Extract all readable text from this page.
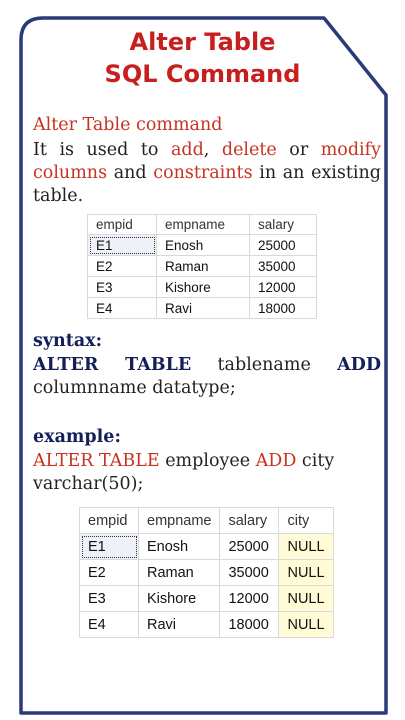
Alter Table
SQL Command
Alter Table command
It is used to add, delete or modify columns and constraints in an existing table.
empid	empname	salary
E1	Enosh	25000
E2	Raman	35000
E3	Kishore	12000
E4	Ravi	18000
syntax:
ALTER TABLE tablename ADD
columnname datatype;
example:
ALTER TABLE employee ADD city varchar(50);
empid	empname	salary	city
E1	Enosh	25000	NULL
E2	Raman	35000	NULL
E3	Kishore	12000	NULL
E4	Ravi	18000	NULL
